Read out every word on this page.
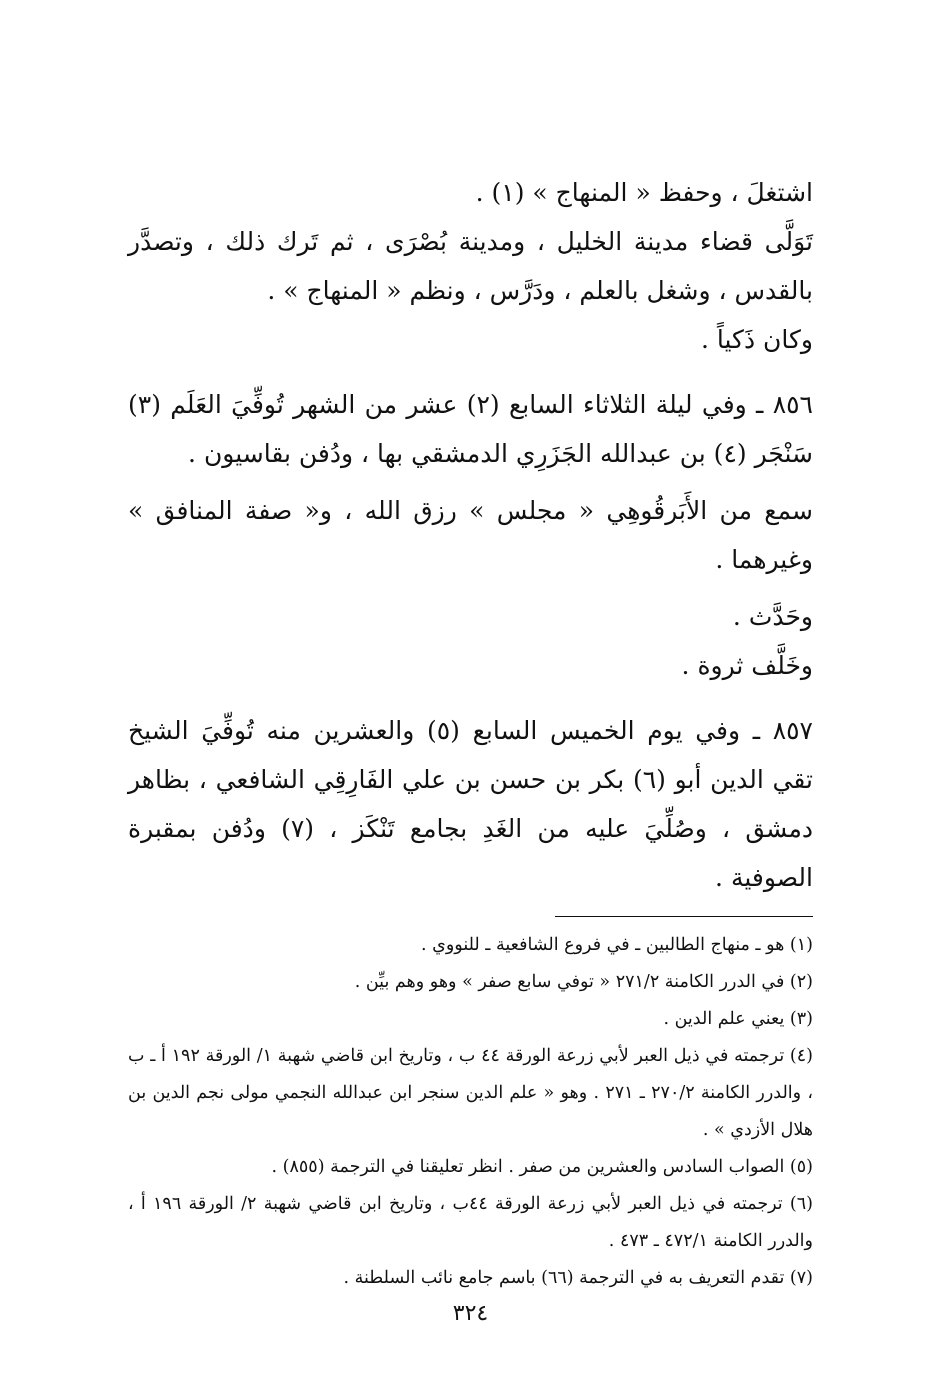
اشتغلَ ، وحفظ « المنهاج » (١) .

تَوَلَّى قضاء مدينة الخليل ، ومدينة بُصْرَى ، ثم تَرك ذلك ، وتصدَّر بالقدس ، وشغل بالعلم ، ودَرَّس ، ونظم « المنهاج » .

وكان ذَكياً .

٨٥٦ ـ وفي ليلة الثلاثاء السابع (٢) عشر من الشهر تُوفِّيَ العَلَم (٣) سَنْجَر (٤) بن عبدالله الجَزَرِي الدمشقي بها ، ودُفن بقاسيون .

سمع من الأَبَرقُوهِي « مجلس » رزق الله ، و« صفة المنافق » وغيرهما .

وحَدَّث .

وخَلَّف ثروة .

٨٥٧ ـ وفي يوم الخميس السابع (٥) والعشرين منه تُوفِّيَ الشيخ تقي الدين أبو (٦) بكر بن حسن بن علي الفَارِقِي الشافعي ، بظاهر دمشق ، وصُلِّيَ عليه من الغَدِ بجامع تَنْكَز ، (٧) ودُفن بمقبرة الصوفية .

(١) هو ـ منهاج الطالبين ـ في فروع الشافعية ـ للنووي .

(٢) في الدرر الكامنة ٢٧١/٢ « توفي سابع صفر » وهو وهم بيِّن .

(٣) يعني علم الدين .

(٤) ترجمته في ذيل العبر لأبي زرعة الورقة ٤٤ ب ، وتاريخ ابن قاضي شهبة ١/ الورقة ١٩٢ أ ـ ب ، والدرر الكامنة ٢٧٠/٢ ـ ٢٧١ . وهو « علم الدين سنجر ابن عبدالله النجمي مولى نجم الدين بن هلال الأزدي » .

(٥) الصواب السادس والعشرين من صفر . انظر تعليقنا في الترجمة (٨٥٥) .

(٦) ترجمته في ذيل العبر لأبي زرعة الورقة ٤٤ب ، وتاريخ ابن قاضي شهبة ٢/ الورقة ١٩٦ أ ، والدرر الكامنة ٤٧٢/١ ـ ٤٧٣ .

(٧) تقدم التعريف به في الترجمة (٦٦) باسم جامع نائب السلطنة .

٣٢٤
